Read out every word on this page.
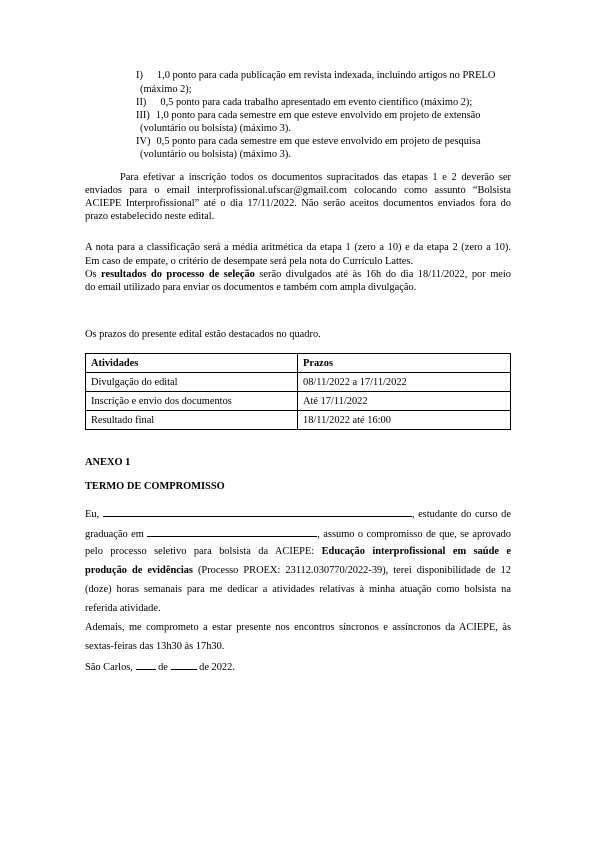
I) 1,0 ponto para cada publicação em revista indexada, incluindo artigos no PRELO
(máximo 2);
II) 0,5 ponto para cada trabalho apresentado em evento científico (máximo 2);
III) 1,0 ponto para cada semestre em que esteve envolvido em projeto de extensão
(voluntário ou bolsista) (máximo 3).
IV) 0,5 ponto para cada semestre em que esteve envolvido em projeto de pesquisa
(voluntário ou bolsista) (máximo 3).
Para efetivar a inscrição todos os documentos supracitados das etapas 1 e 2 deverão ser
enviados para o email interprofissional.ufscar@gmail.com colocando como assunto “Bolsista
ACIEPE Interprofissional” até o dia 17/11/2022. Não serão aceitos documentos enviados fora do
prazo estabelecido neste edital.
A nota para a classificação será a média aritmética da etapa 1 (zero a 10) e da etapa 2 (zero a 10).
Em caso de empate, o critério de desempate será pela nota do Currículo Lattes.
Os resultados do processo de seleção serão divulgados até às 16h do dia 18/11/2022, por meio
do email utilizado para enviar os documentos e também com ampla divulgação.
Os prazos do presente edital estão destacados no quadro.
Atividades	Prazos
Divulgação do edital	08/11/2022 a 17/11/2022
Inscrição e envio dos documentos	Até 17/11/2022
Resultado final	18/11/2022 até 16:00
ANEXO 1
TERMO DE COMPROMISSO
Eu,	, estudante do curso de
graduação em	, assumo o compromisso de que, se aprovado
pelo processo seletivo para bolsista da ACIEPE: Educação interprofissional em saúde e
produção de evidências (Processo PROEX: 23112.030770/2022-39), terei disponibilidade de 12
(doze) horas semanais para me dedicar a atividades relativas à minha atuação como bolsista na
referida atividade.
Ademais, me comprometo a estar presente nos encontros síncronos e assíncronos da ACIEPE, às
sextas-feiras das 13h30 às 17h30.
São Carlos,  de	de 2022.
